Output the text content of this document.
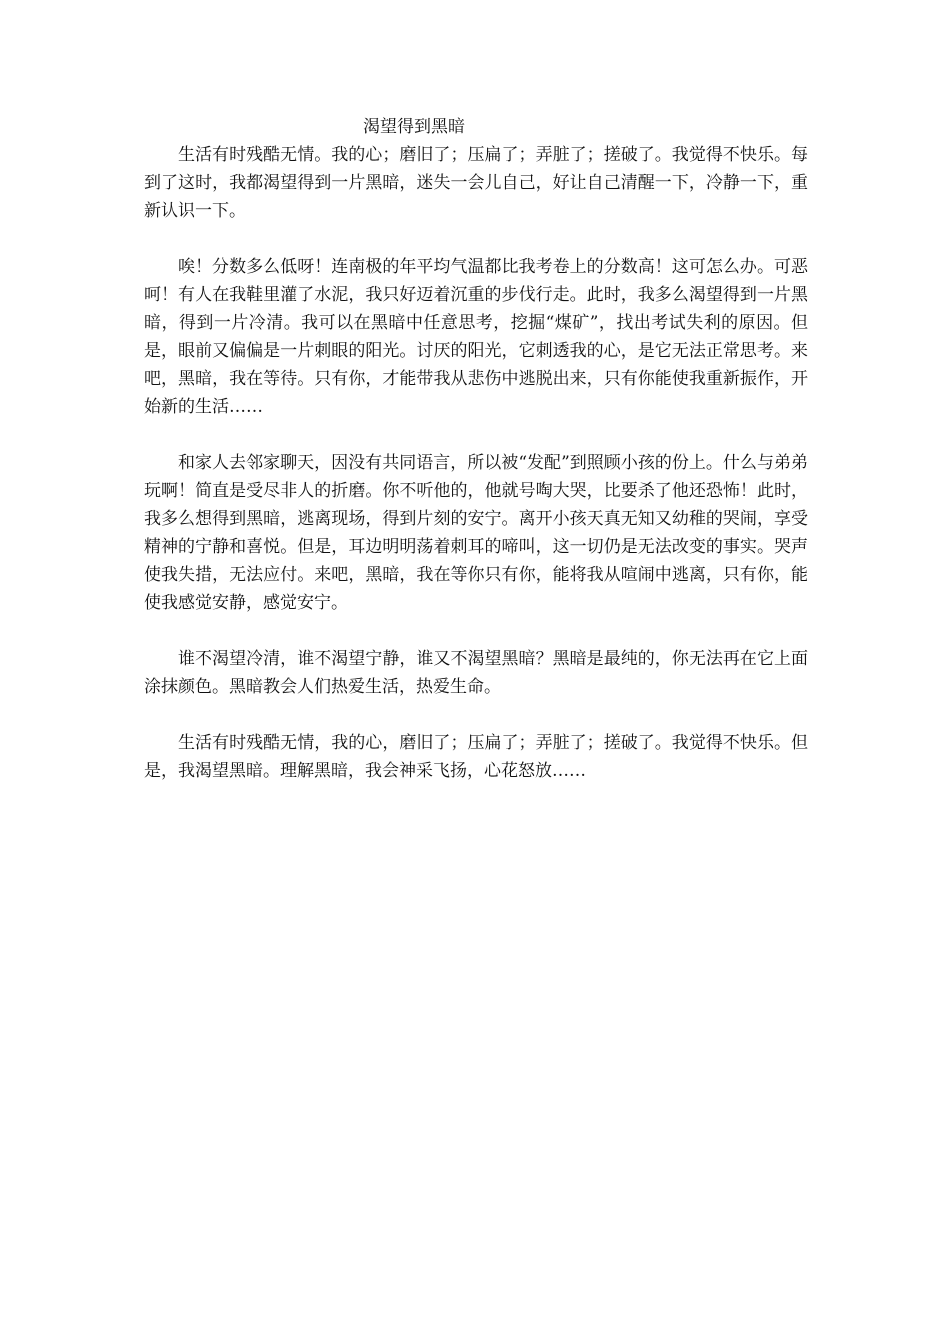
渴望得到黑暗

生活有时残酷无情。我的心；磨旧了；压扁了；弄脏了；搓破了。我觉得不快乐。每到了这时，我都渴望得到一片黑暗，迷失一会儿自己，好让自己清醒一下，冷静一下，重新认识一下。

唉！分数多么低呀！连南极的年平均气温都比我考卷上的分数高！这可怎么办。可恶呵！有人在我鞋里灌了水泥，我只好迈着沉重的步伐行走。此时，我多么渴望得到一片黑暗，得到一片冷清。我可以在黑暗中任意思考，挖掘“煤矿”，找出考试失利的原因。但是，眼前又偏偏是一片刺眼的阳光。讨厌的阳光，它刺透我的心，是它无法正常思考。来吧，黑暗，我在等待。只有你，才能带我从悲伤中逃脱出来，只有你能使我重新振作，开始新的生活……

和家人去邻家聊天，因没有共同语言，所以被“发配”到照顾小孩的份上。什么与弟弟玩啊！简直是受尽非人的折磨。你不听他的，他就号啕大哭，比要杀了他还恐怖！此时，我多么想得到黑暗，逃离现场，得到片刻的安宁。离开小孩天真无知又幼稚的哭闹，享受精神的宁静和喜悦。但是，耳边明明荡着刺耳的啼叫，这一切仍是无法改变的事实。哭声使我失措，无法应付。来吧，黑暗，我在等你只有你，能将我从喧闹中逃离，只有你，能使我感觉安静，感觉安宁。

谁不渴望冷清，谁不渴望宁静，谁又不渴望黑暗？黑暗是最纯的，你无法再在它上面涂抹颜色。黑暗教会人们热爱生活，热爱生命。

生活有时残酷无情，我的心，磨旧了；压扁了；弄脏了；搓破了。我觉得不快乐。但是，我渴望黑暗。理解黑暗，我会神采飞扬，心花怒放……
